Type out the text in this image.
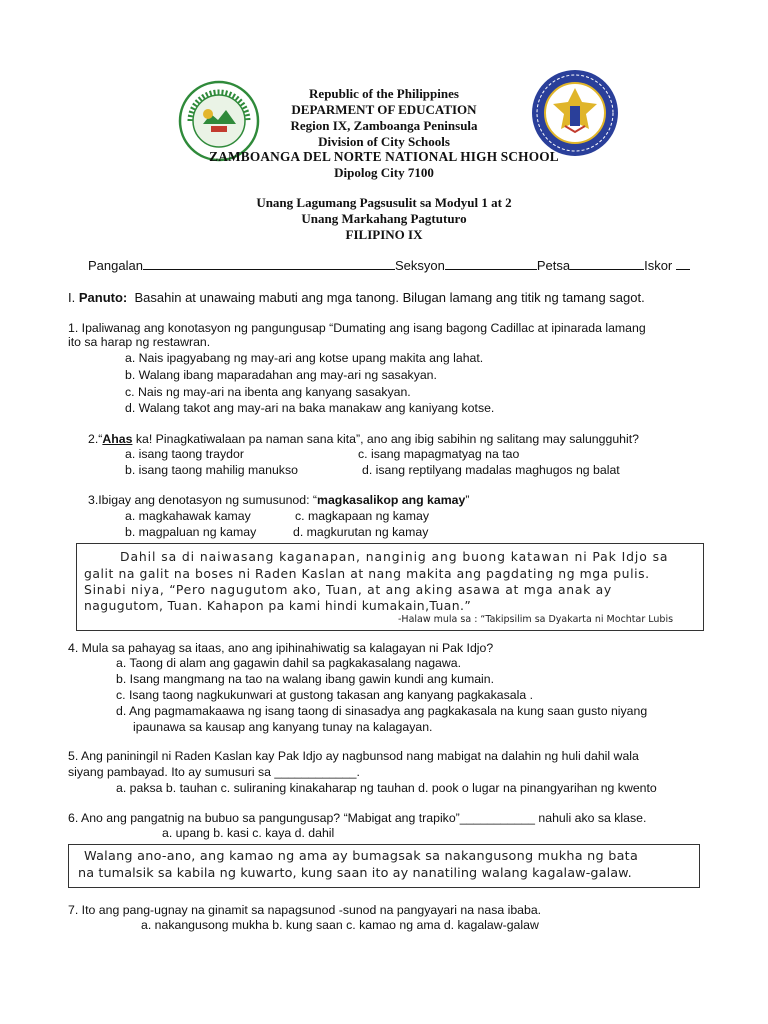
Republic of the Philippines
DEPARMENT OF EDUCATION
Region IX, Zamboanga Peninsula
Division of City Schools
ZAMBOANGA DEL NORTE NATIONAL HIGH SCHOOL
Dipolog City 7100
Unang Lagumang Pagsusulit sa Modyul 1 at 2
Unang Markahang Pagtuturo
FILIPINO IX
Pangalan	Seksyon	Petsa	Iskor
I. Panuto: Basahin at unawaing mabuti ang mga tanong. Bilugan lamang ang titik ng tamang sagot.
1. Ipaliwanag ang konotasyon ng pangungusap “Dumating ang isang bagong Cadillac at ipinarada lamang
ito sa harap ng restawran.
a. Nais ipagyabang ng may-ari ang kotse upang makita ang lahat.
b. Walang ibang maparadahan ang may-ari ng sasakyan.
c. Nais ng may-ari na ibenta ang kanyang sasakyan.
d. Walang takot ang may-ari na baka manakaw ang kaniyang kotse.
2.“Ahas ka! Pinagkatiwalaan pa naman sana kita”, ano ang ibig sabihin ng salitang may salungguhit?
a. isang taong traydor	c. isang mapagmatyag na tao
b. isang taong mahilig manukso	d. isang reptilyang madalas maghugos ng balat
3.Ibigay ang denotasyon ng sumusunod: “magkasalikop ang kamay”
a. magkahawak kamay	c. magkapaan ng kamay
b. magpaluan ng kamay	d. magkurutan ng kamay
Dahil sa di naiwasang kaganapan, nanginig ang buong katawan ni Pak Idjo sa
galit na galit na boses ni Raden Kaslan at nang makita ang pagdating ng mga pulis.
Sinabi niya, “Pero nagugutom ako, Tuan, at ang aking asawa at mga anak ay
nagugutom, Tuan. Kahapon pa kami hindi kumakain,Tuan.”
-Halaw mula sa : “Takipsilim sa Dyakarta ni Mochtar Lubis
4. Mula sa pahayag sa itaas, ano ang ipihinahiwatig sa kalagayan ni Pak Idjo?
a. Taong di alam ang gagawin dahil sa pagkakasalang nagawa.
b. Isang mangmang na tao na walang ibang gawin kundi ang kumain.
c. Isang taong nagkukunwari at gustong takasan ang kanyang pagkakasala .
d. Ang pagmamakaawa ng isang taong di sinasadya ang pagkakasala na kung saan gusto niyang
ipaunawa sa kausap ang kanyang tunay na kalagayan.
5. Ang paniningil ni Raden Kaslan kay Pak Idjo ay nagbunsod nang mabigat na dalahin ng huli dahil wala
siyang pambayad. Ito ay sumusuri sa ____________.
a. paksa b. tauhan c. suliraning kinakaharap ng tauhan d. pook o lugar na pinangyarihan ng kwento
6. Ano ang pangatnig na bubuo sa pangungusap? “Mabigat ang trapiko”___________ nahuli ako sa klase.
a. upang b. kasi c. kaya d. dahil
Walang ano-ano, ang kamao ng ama ay bumagsak sa nakangusong mukha ng bata
na tumalsik sa kabila ng kuwarto, kung saan ito ay nanatiling walang kagalaw-galaw.
7. Ito ang pang-ugnay na ginamit sa napagsunod -sunod na pangyayari na nasa ibaba.
a. nakangusong mukha b. kung saan c. kamao ng ama d. kagalaw-galaw
